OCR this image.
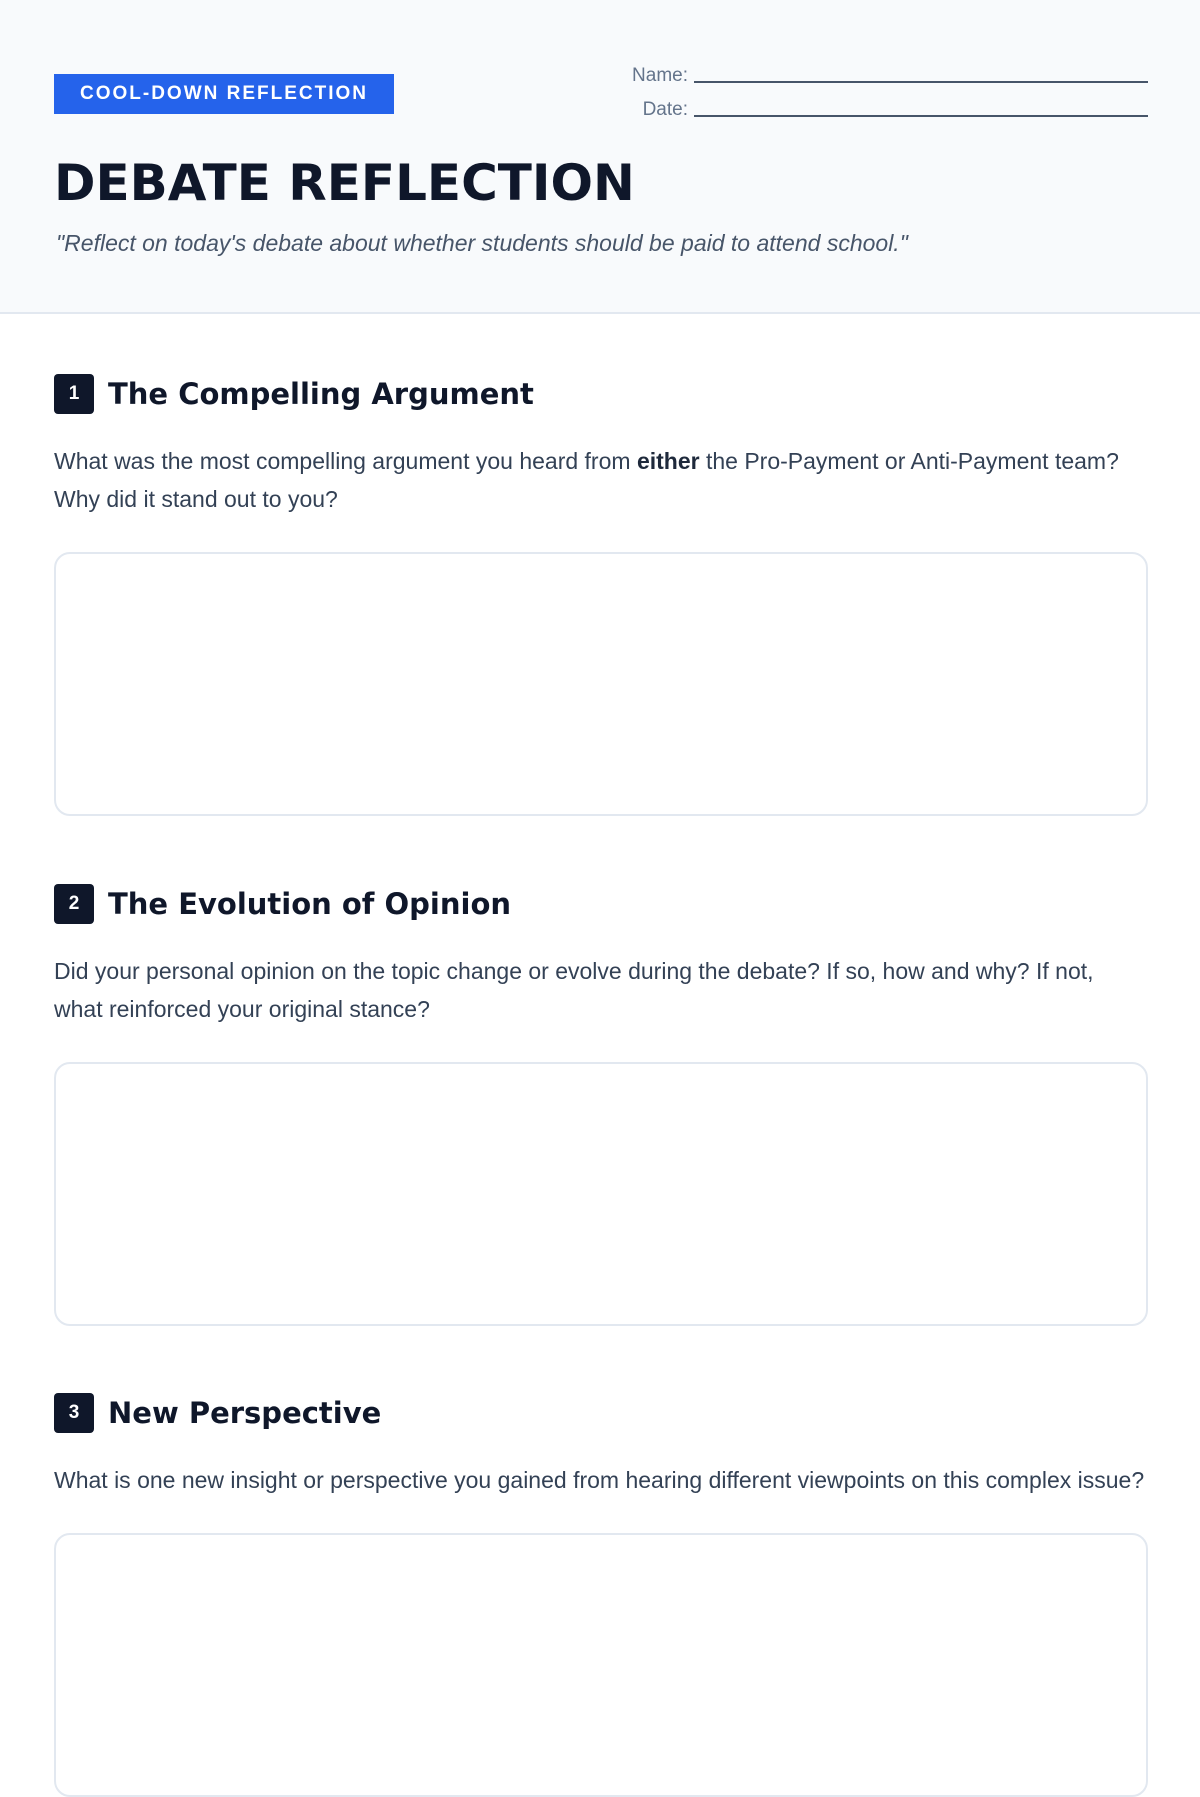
COOL-DOWN REFLECTION
Name:
Date:
DEBATE REFLECTION

"Reflect on today's debate about whether students should be paid to attend school."

1 The Compelling Argument
What was the most compelling argument you heard from either the Pro-Payment or Anti-Payment team? Why did it stand out to you?
2 The Evolution of Opinion
Did your personal opinion on the topic change or evolve during the debate? If so, how and why? If not, what reinforced your original stance?
3 New Perspective
What is one new insight or perspective you gained from hearing different viewpoints on this complex issue?
